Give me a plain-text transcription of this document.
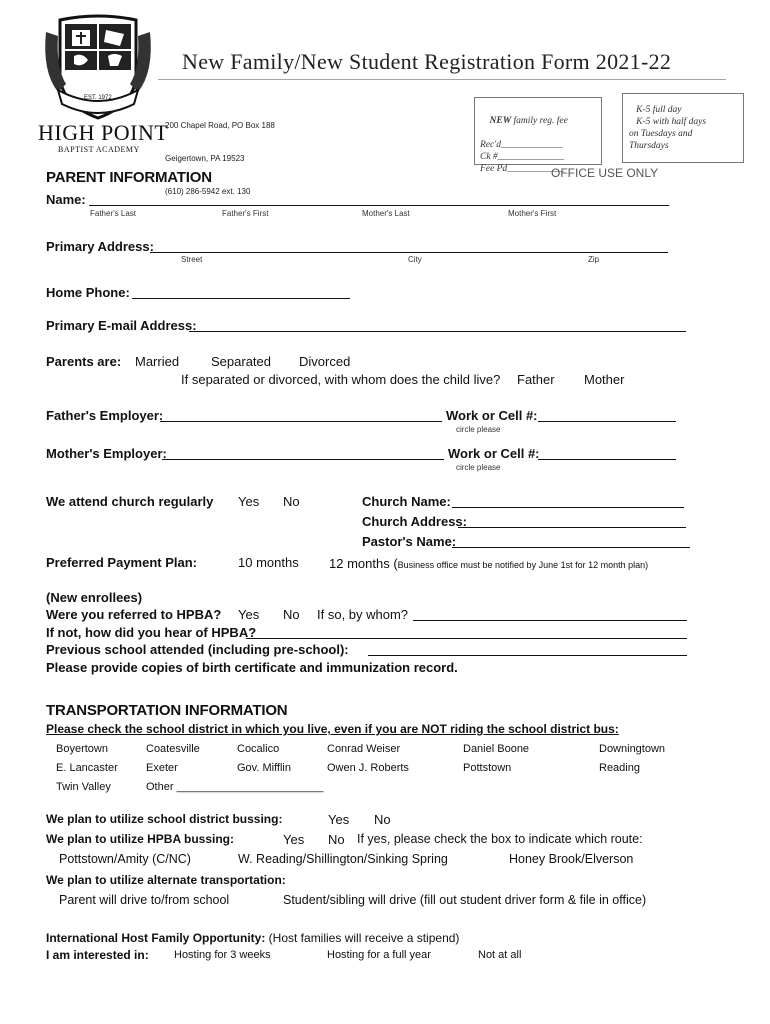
EST. 1972
HIGH POINT
BAPTIST ACADEMY
New Family/New Student Registration Form 2021-22

200 Chapel Road, PO Box 188

Geigertown, PA 19523

(610) 286-5942 ext. 130

NEW family reg. fee

Rec'd_____________
Ck #______________
Fee Pd____________

K-5 full day
K-5 with half days
on Tuesdays and
Thursdays
OFFICE USE ONLY
PARENT INFORMATION
Name:
Father's Last	Father's First	Mother's Last	Mother's First
Primary Address:
Street	City	Zip
Home Phone:
Primary E-mail Address:
Parents are: Married Separated Divorced
If separated or divorced, with whom does the child live? Father Mother
Father's Employer:	Work or Cell #:
circle please
Mother's Employer:	Work or Cell #:
circle please
We attend church regularly Yes No	Church Name:
Church Address:
Pastor's Name:
Preferred Payment Plan:	10 months 12 months (Business office must be notified by June 1st for 12 month plan)
(New enrollees)
Were you referred to HPBA? Yes No If so, by whom?
If not, how did you hear of HPBA?
Previous school attended (including pre-school):
Please provide copies of birth certificate and immunization record.
TRANSPORTATION INFORMATION
Please check the school district in which you live, even if you are NOT riding the school district bus:
Boyertown	Coatesville	Cocalico	Conrad Weiser	Daniel Boone	Downingtown
E. Lancaster	Exeter	Gov. Mifflin	Owen J. Roberts	Pottstown	Reading
Twin Valley	Other ________________________
We plan to utilize school district bussing:	Yes No
We plan to utilize HPBA bussing:	Yes No If yes, please check the box to indicate which route:
Pottstown/Amity (C/NC)	W. Reading/Shillington/Sinking Spring	Honey Brook/Elverson
We plan to utilize alternate transportation:
Parent will drive to/from school	Student/sibling will drive (fill out student driver form & file in office)
International Host Family Opportunity: (Host families will receive a stipend)
I am interested in: Hosting for 3 weeks	Hosting for a full year	Not at all
